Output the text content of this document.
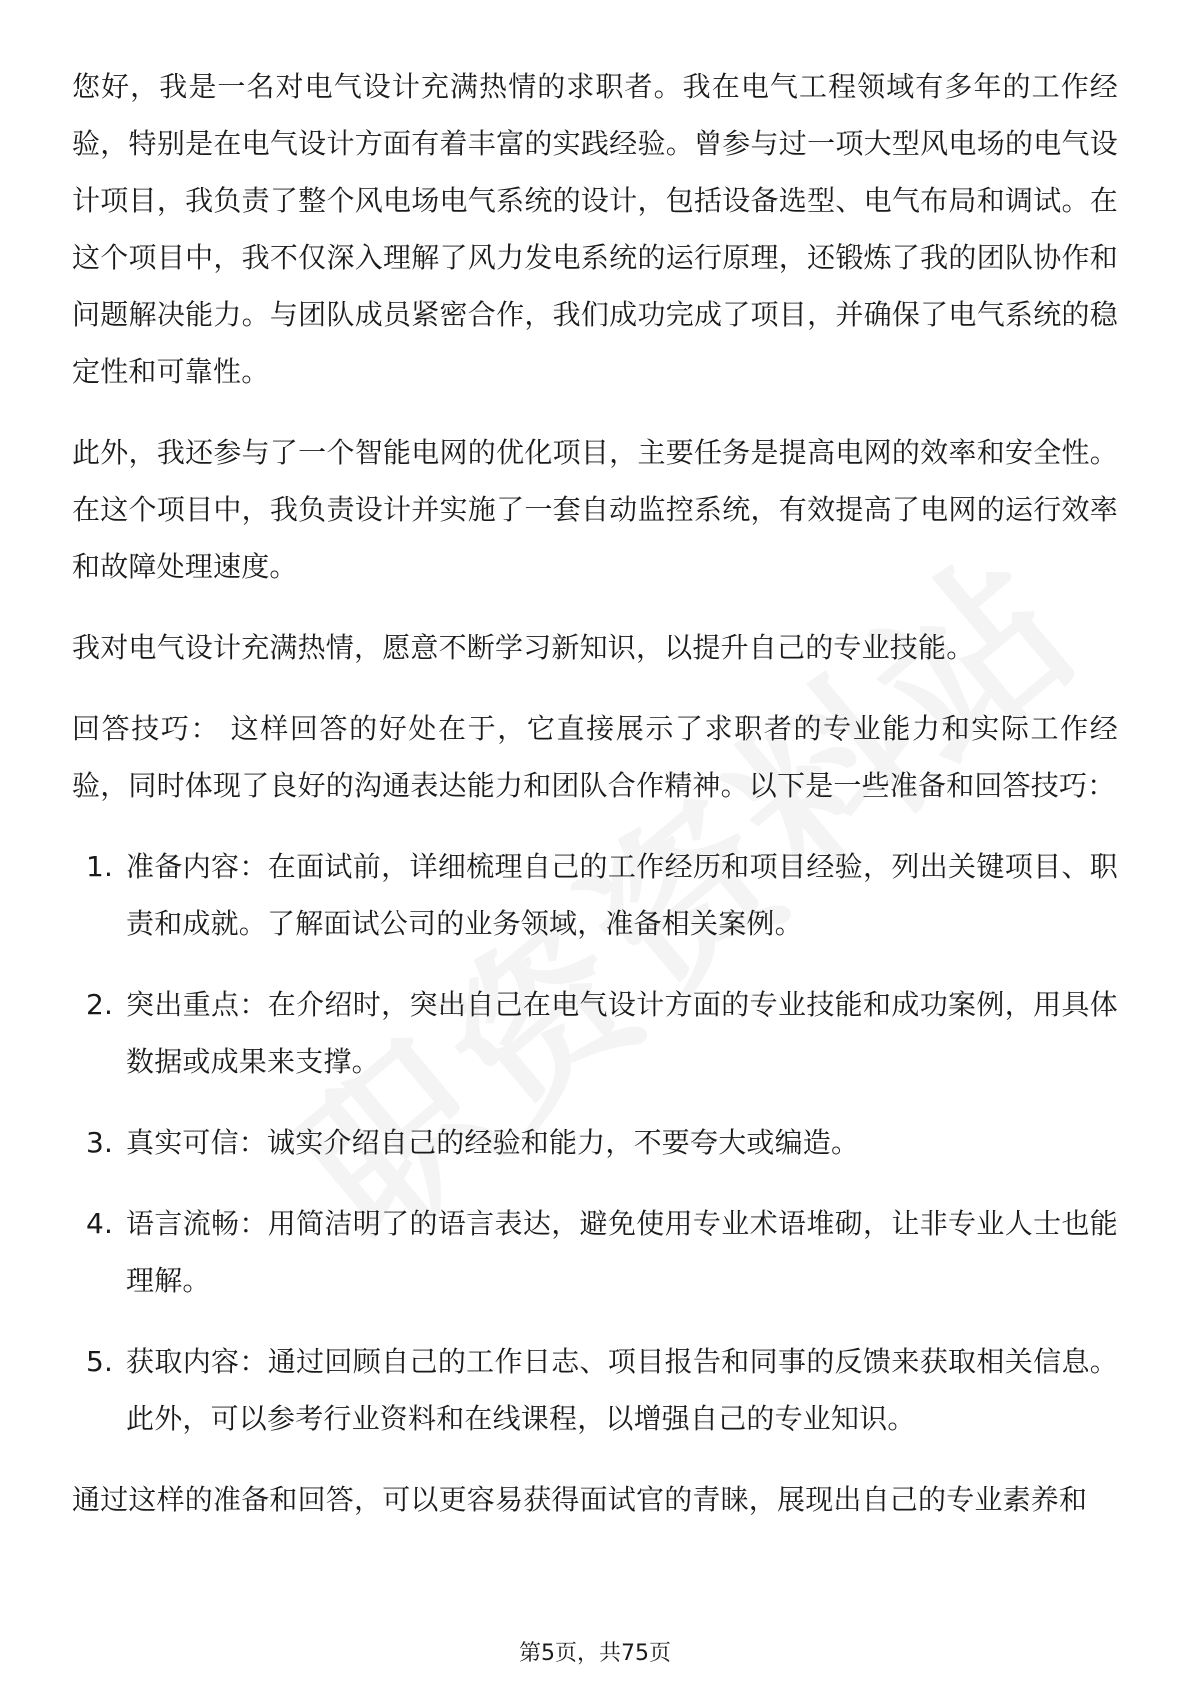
您好，我是一名对电气设计充满热情的求职者。我在电气工程领域有多年的工作经验，特别是在电气设计方面有着丰富的实践经验。曾参与过一项大型风电场的电气设计项目，我负责了整个风电场电气系统的设计，包括设备选型、电气布局和调试。在这个项目中，我不仅深入理解了风力发电系统的运行原理，还锻炼了我的团队协作和问题解决能力。与团队成员紧密合作，我们成功完成了项目，并确保了电气系统的稳定性和可靠性。

此外，我还参与了一个智能电网的优化项目，主要任务是提高电网的效率和安全性。在这个项目中，我负责设计并实施了一套自动监控系统，有效提高了电网的运行效率和故障处理速度。

我对电气设计充满热情，愿意不断学习新知识，以提升自己的专业技能。

回答技巧： 这样回答的好处在于，它直接展示了求职者的专业能力和实际工作经验，同时体现了良好的沟通表达能力和团队合作精神。以下是一些准备和回答技巧：

1. 准备内容：在面试前，详细梳理自己的工作经历和项目经验，列出关键项目、职责和成就。了解面试公司的业务领域，准备相关案例。
2. 突出重点：在介绍时，突出自己在电气设计方面的专业技能和成功案例，用具体数据或成果来支撑。
3. 真实可信：诚实介绍自己的经验和能力，不要夸大或编造。
4. 语言流畅：用简洁明了的语言表达，避免使用专业术语堆砌，让非专业人士也能理解。
5. 获取内容：通过回顾自己的工作日志、项目报告和同事的反馈来获取相关信息。此外，可以参考行业资料和在线课程，以增强自己的专业知识。

通过这样的准备和回答，可以更容易获得面试官的青睐，展现出自己的专业素养和

第5页，共75页
